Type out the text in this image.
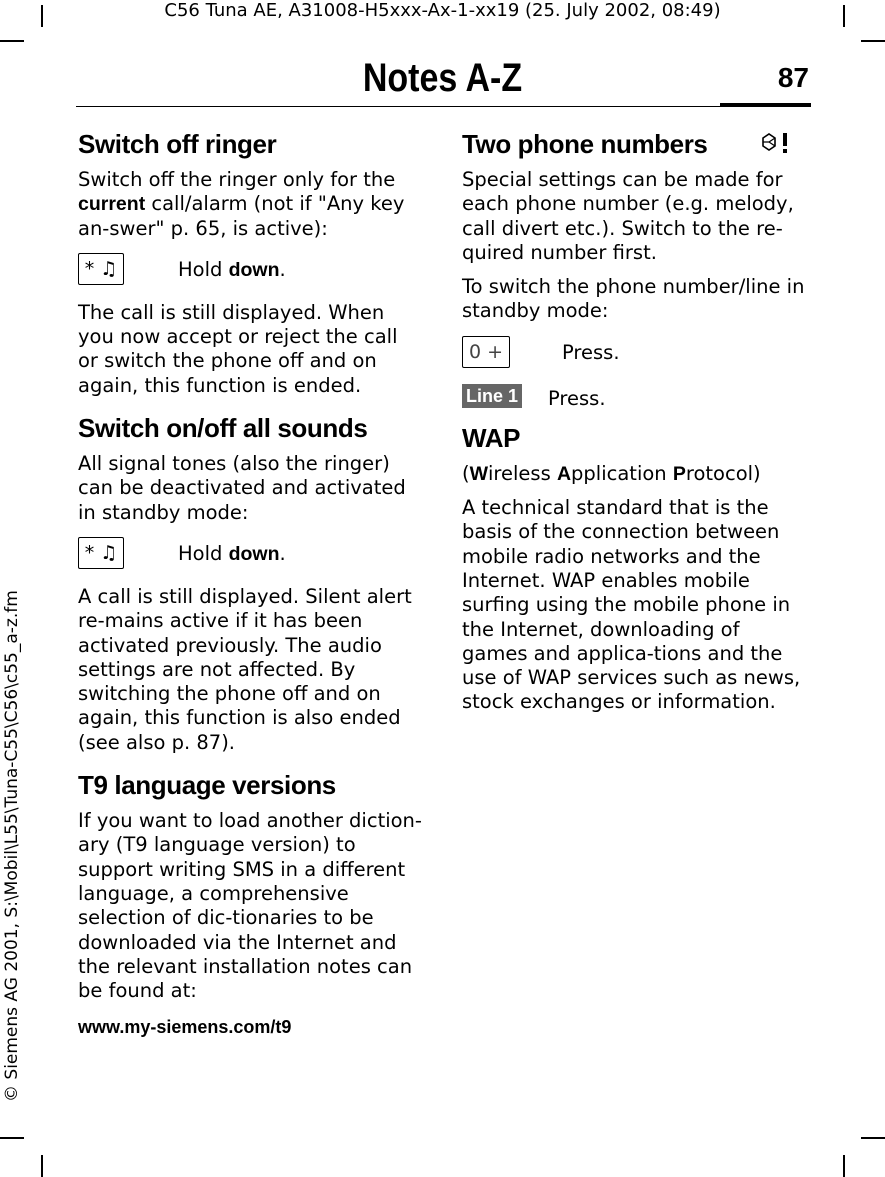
C56 Tuna AE, A31008-H5xxx-Ax-1-xx19 (25. July 2002, 08:49)
Notes A-Z	87
© Siemens AG 2001, S:\Mobil\L55\Tuna-C55\C56\c55_a-z.fm
Switch off ringer

Switch off the ringer only for the current call/alarm (not if "Any key an-swer" p. 65, is active):

* ♫	Hold down.

The call is still displayed. When you now accept or reject the call or switch the phone off and on again, this function is ended.

Switch on/off all sounds

All signal tones (also the ringer) can be deactivated and activated in standby mode:

* ♫	Hold down.

A call is still displayed. Silent alert re-mains active if it has been activated previously. The audio settings are not affected. By switching the phone off and on again, this function is also ended (see also p. 87).

T9 language versions

If you want to load another diction-ary (T9 language version) to support writing SMS in a different language, a comprehensive selection of dic-tionaries to be downloaded via the Internet and the relevant installation notes can be found at:

www.my-siemens.com/t9
Two phone numbers

Special settings can be made for each phone number (e.g. melody, call divert etc.). Switch to the re-quired number first.

To switch the phone number/line in standby mode:

0 +	Press.
Line 1 Press.
WAP

(Wireless Application Protocol)

A technical standard that is the basis of the connection between mobile radio networks and the Internet. WAP enables mobile surfing using the mobile phone in the Internet, downloading of games and applica-tions and the use of WAP services such as news, stock exchanges or information.
